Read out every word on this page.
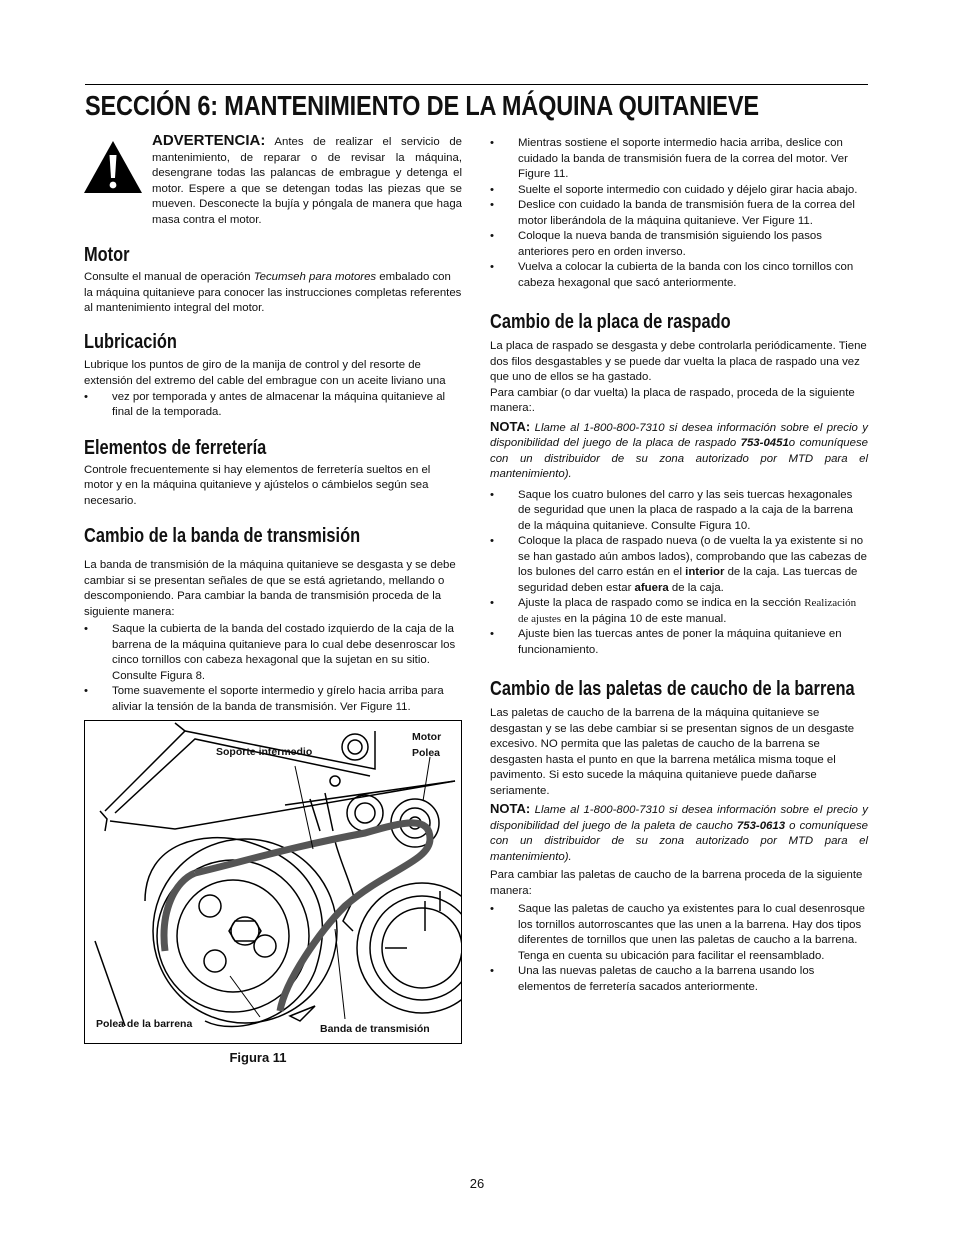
SECCIÓN 6: MANTENIMIENTO DE LA MÁQUINA QUITANIEVE

ADVERTENCIA: Antes de realizar el servicio de mantenimiento, de reparar o de revisar la máquina, desengrane todas las palancas de embrague y detenga el motor. Espere a que se detengan todas las piezas que se mueven. Desconecte la bujía y póngala de manera que haga masa contra el motor.

Motor

Consulte el manual de operación Tecumseh para motores embalado con la máquina quitanieve para conocer las instrucciones completas referentes al mantenimiento integral del motor.

Lubricación

Lubrique los puntos de giro de la manija de control y del resorte de extensión del extremo del cable del embrague con un aceite liviano una

• vez por temporada y antes de almacenar la máquina quitanieve al final de la temporada.
Elementos de ferretería

Controle frecuentemente si hay elementos de ferretería sueltos en el motor y en la máquina quitanieve y ajústelos o cámbielos según sea necesario.

Cambio de la banda de transmisión

La banda de transmisión de la máquina quitanieve se desgasta y se debe cambiar si se presentan señales de que se está agrietando, mellando o descomponiendo. Para cambiar la banda de transmisión proceda de la siguiente manera:

• Saque la cubierta de la banda del costado izquierdo de la caja de la barrena de la máquina quitanieve para lo cual debe desenroscar los cinco tornillos con cabeza hexagonal que la sujetan en su sitio. Consulte Figura 8.
• Tome suavemente el soporte intermedio y gírelo hacia arriba para aliviar la tensión de la banda de transmisión. Ver Figure 11.
Soporte intermedio
Motor
Polea
Polea de la barrena	Banda de transmisión
Figura 11
• Mientras sostiene el soporte intermedio hacia arriba, deslice con cuidado la banda de transmisión fuera de la correa del motor. Ver Figure 11.
• Suelte el soporte intermedio con cuidado y déjelo girar hacia abajo.
• Deslice con cuidado la banda de transmisión fuera de la correa del motor liberándola de la máquina quitanieve. Ver Figure 11.
• Coloque la nueva banda de transmisión siguiendo los pasos anteriores pero en orden inverso.
• Vuelva a colocar la cubierta de la banda con los cinco tornillos con cabeza hexagonal que sacó anteriormente.
Cambio de la placa de raspado

La placa de raspado se desgasta y debe controlarla periódicamente. Tiene dos filos desgastables y se puede dar vuelta la placa de raspado una vez que uno de ellos se ha gastado.

Para cambiar (o dar vuelta) la placa de raspado, proceda de la siguiente manera:.

NOTA: Llame al 1-800-800-7310 si desea información sobre el precio y disponibilidad del juego de la placa de raspado 753-0451o comuníquese con un distribuidor de su zona autorizado por MTD para el mantenimiento).

• Saque los cuatro bulones del carro y las seis tuercas hexagonales de seguridad que unen la placa de raspado a la caja de la barrena de la máquina quitanieve. Consulte Figura 10.
• Coloque la placa de raspado nueva (o de vuelta la ya existente si no se han gastado aún ambos lados), comprobando que las cabezas de los bulones del carro están en el interior de la caja. Las tuercas de seguridad deben estar afuera de la caja.
• Ajuste la placa de raspado como se indica en la sección Realización de ajustes en la página 10 de este manual.
• Ajuste bien las tuercas antes de poner la máquina quitanieve en funcionamiento.
Cambio de las paletas de caucho de la barrena

Las paletas de caucho de la barrena de la máquina quitanieve se desgastan y se las debe cambiar si se presentan signos de un desgaste excesivo. NO permita que las paletas de caucho de la barrena se desgasten hasta el punto en que la barrena metálica misma toque el pavimento. Si esto sucede la máquina quitanieve puede dañarse seriamente.

NOTA: Llame al 1-800-800-7310 si desea información sobre el precio y disponibilidad del juego de la paleta de caucho 753-0613 o comuníquese con un distribuidor de su zona autorizado por MTD para el mantenimiento).

Para cambiar las paletas de caucho de la barrena proceda de la siguiente manera:

• Saque las paletas de caucho ya existentes para lo cual desenrosque los tornillos autorroscantes que las unen a la barrena. Hay dos tipos diferentes de tornillos que unen las paletas de caucho a la barrena. Tenga en cuenta su ubicación para facilitar el reensamblado.
• Una las nuevas paletas de caucho a la barrena usando los elementos de ferretería sacados anteriormente.
26
